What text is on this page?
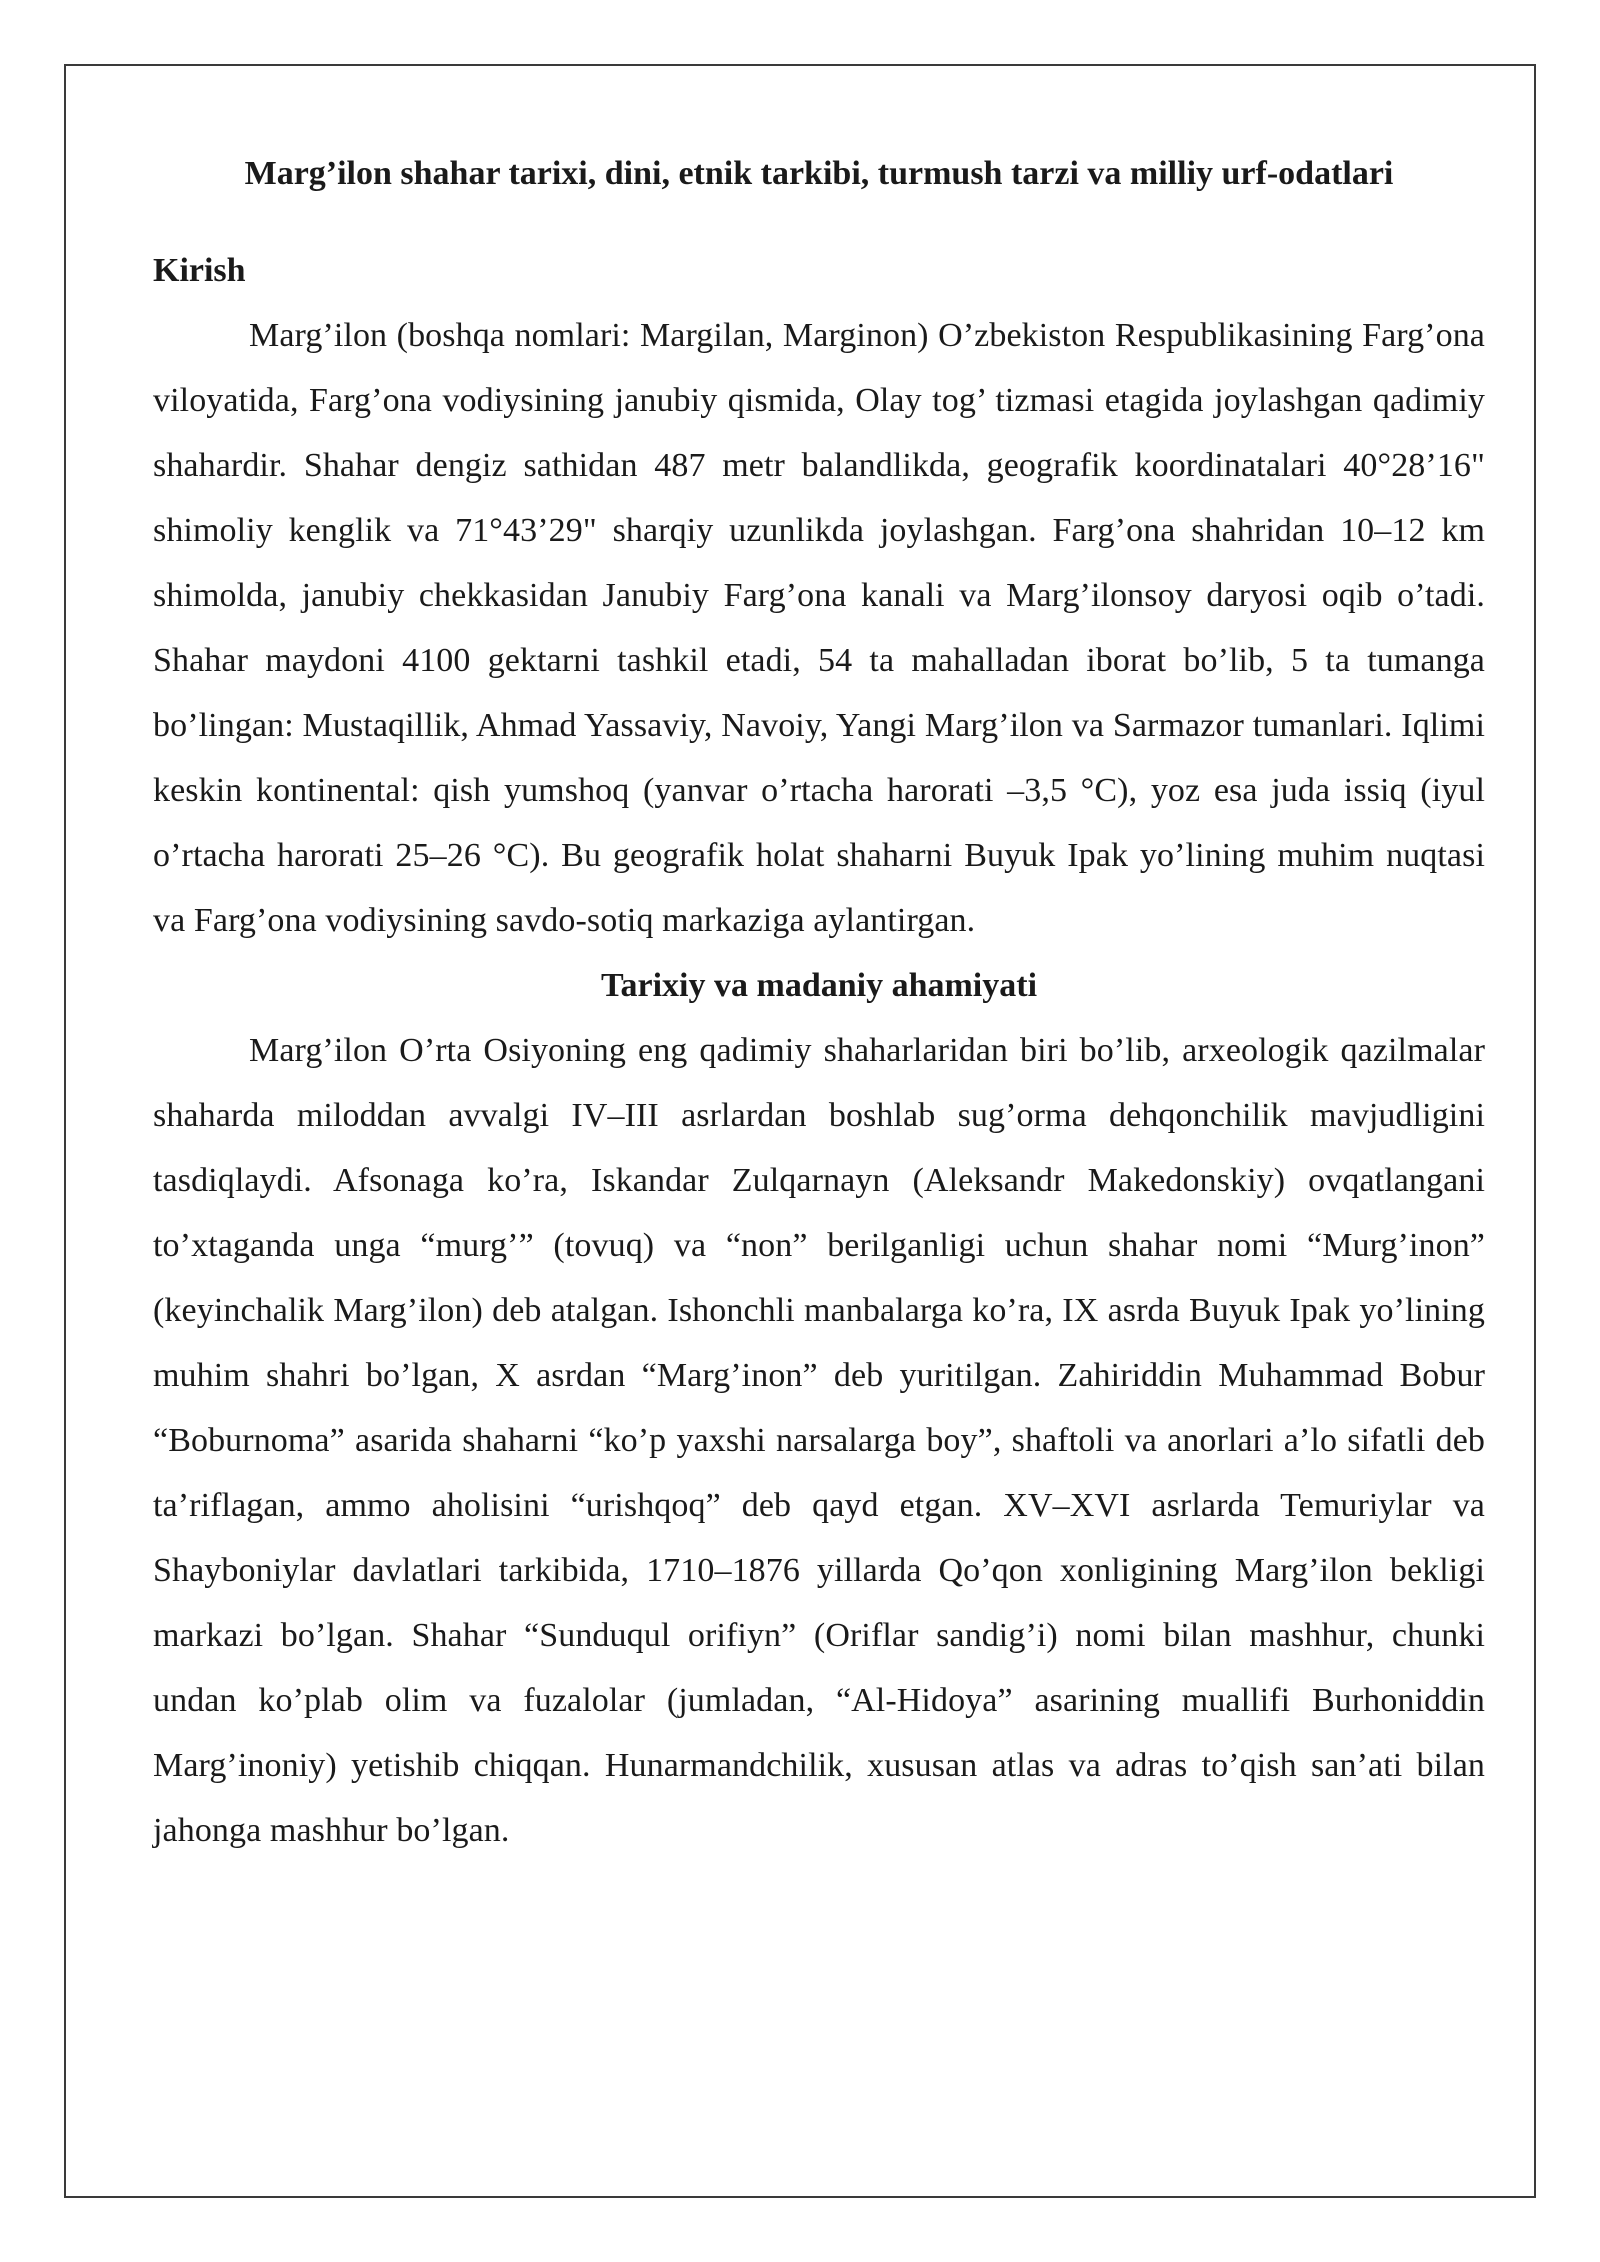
Marg’ilon shahar tarixi, dini, etnik tarkibi, turmush tarzi va milliy urf-odatlari
Kirish

Marg’ilon (boshqa nomlari: Margilan, Marginon) O’zbekiston Respublikasining Farg’ona viloyatida, Farg’ona vodiysining janubiy qismida, Olay tog’ tizmasi etagida joylashgan qadimiy shahardir. Shahar dengiz sathidan 487 metr balandlikda, geografik koordinatalari 40°28’16" shimoliy kenglik va 71°43’29" sharqiy uzunlikda joylashgan. Farg’ona shahridan 10–12 km shimolda, janubiy chekkasidan Janubiy Farg’ona kanali va Marg’ilonsoy daryosi oqib o’tadi. Shahar maydoni 4100 gektarni tashkil etadi, 54 ta mahalladan iborat bo’lib, 5 ta tumanga bo’lingan: Mustaqillik, Ahmad Yassaviy, Navoiy, Yangi Marg’ilon va Sarmazor tumanlari. Iqlimi keskin kontinental: qish yumshoq (yanvar o’rtacha harorati –3,5 °C), yoz esa juda issiq (iyul o’rtacha harorati 25–26 °C). Bu geografik holat shaharni Buyuk Ipak yo’lining muhim nuqtasi va Farg’ona vodiysining savdo-sotiq markaziga aylantirgan.

Tarixiy va madaniy ahamiyati

Marg’ilon O’rta Osiyoning eng qadimiy shaharlaridan biri bo’lib, arxeologik qazilmalar shaharda miloddan avvalgi IV–III asrlardan boshlab sug’orma dehqonchilik mavjudligini tasdiqlaydi. Afsonaga ko’ra, Iskandar Zulqarnayn (Aleksandr Makedonskiy) ovqatlangani to’xtaganda unga “murg’” (tovuq) va “non” berilganligi uchun shahar nomi “Murg’inon” (keyinchalik Marg’ilon) deb atalgan. Ishonchli manbalarga ko’ra, IX asrda Buyuk Ipak yo’lining muhim shahri bo’lgan, X asrdan “Marg’inon” deb yuritilgan. Zahiriddin Muhammad Bobur “Boburnoma” asarida shaharni “ko’p yaxshi narsalarga boy”, shaftoli va anorlari a’lo sifatli deb ta’riflagan, ammo aholisini “urishqoq” deb qayd etgan. XV–XVI asrlarda Temuriylar va Shayboniylar davlatlari tarkibida, 1710–1876 yillarda Qo’qon xonligining Marg’ilon bekligi markazi bo’lgan. Shahar “Sunduqul orifiyn” (Oriflar sandig’i) nomi bilan mashhur, chunki undan ko’plab olim va fuzalolar (jumladan, “Al-Hidoya” asarining muallifi Burhoniddin Marg’inoniy) yetishib chiqqan. Hunarmandchilik, xususan atlas va adras to’qish san’ati bilan jahonga mashhur bo’lgan.
